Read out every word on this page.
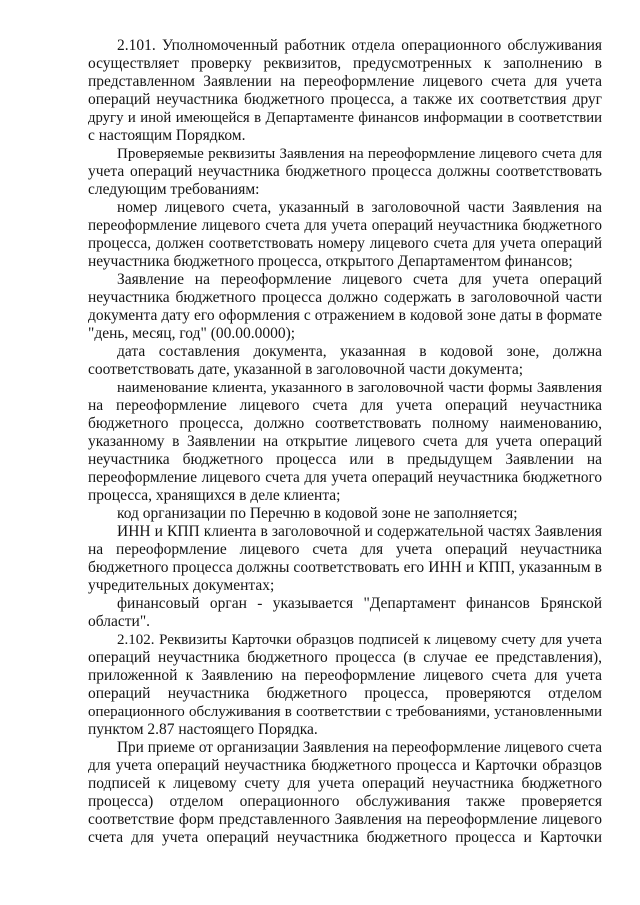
2.101. Уполномоченный работник отдела операционного обслуживания
осуществляет проверку реквизитов, предусмотренных к заполнению в
представленном Заявлении на переоформление лицевого счета для учета
операций неучастника бюджетного процесса, а также их соответствия друг
другу и иной имеющейся в Департаменте финансов информации в соответствии
с настоящим Порядком.
Проверяемые реквизиты Заявления на переоформление лицевого счета для
учета операций неучастника бюджетного процесса должны соответствовать
следующим требованиям:
номер лицевого счета, указанный в заголовочной части Заявления на
переоформление лицевого счета для учета операций неучастника бюджетного
процесса, должен соответствовать номеру лицевого счета для учета операций
неучастника бюджетного процесса, открытого Департаментом финансов;
Заявление на переоформление лицевого счета для учета операций
неучастника бюджетного процесса должно содержать в заголовочной части
документа дату его оформления с отражением в кодовой зоне даты в формате
"день, месяц, год" (00.00.0000);
дата составления документа, указанная в кодовой зоне, должна
соответствовать дате, указанной в заголовочной части документа;
наименование клиента, указанного в заголовочной части формы Заявления
на переоформление лицевого счета для учета операций неучастника
бюджетного процесса, должно соответствовать полному наименованию,
указанному в Заявлении на открытие лицевого счета для учета операций
неучастника бюджетного процесса или в предыдущем Заявлении на
переоформление лицевого счета для учета операций неучастника бюджетного
процесса, хранящихся в деле клиента;
код организации по Перечню в кодовой зоне не заполняется;
ИНН и КПП клиента в заголовочной и содержательной частях Заявления
на переоформление лицевого счета для учета операций неучастника
бюджетного процесса должны соответствовать его ИНН и КПП, указанным в
учредительных документах;
финансовый орган - указывается "Департамент финансов Брянской
области".
2.102. Реквизиты Карточки образцов подписей к лицевому счету для учета
операций неучастника бюджетного процесса (в случае ее представления),
приложенной к Заявлению на переоформление лицевого счета для учета
операций неучастника бюджетного процесса, проверяются отделом
операционного обслуживания в соответствии с требованиями, установленными
пунктом 2.87 настоящего Порядка.
При приеме от организации Заявления на переоформление лицевого счета
для учета операций неучастника бюджетного процесса и Карточки образцов
подписей к лицевому счету для учета операций неучастника бюджетного
процесса) отделом операционного обслуживания также проверяется
соответствие форм представленного Заявления на переоформление лицевого
счета для учета операций неучастника бюджетного процесса и Карточки
